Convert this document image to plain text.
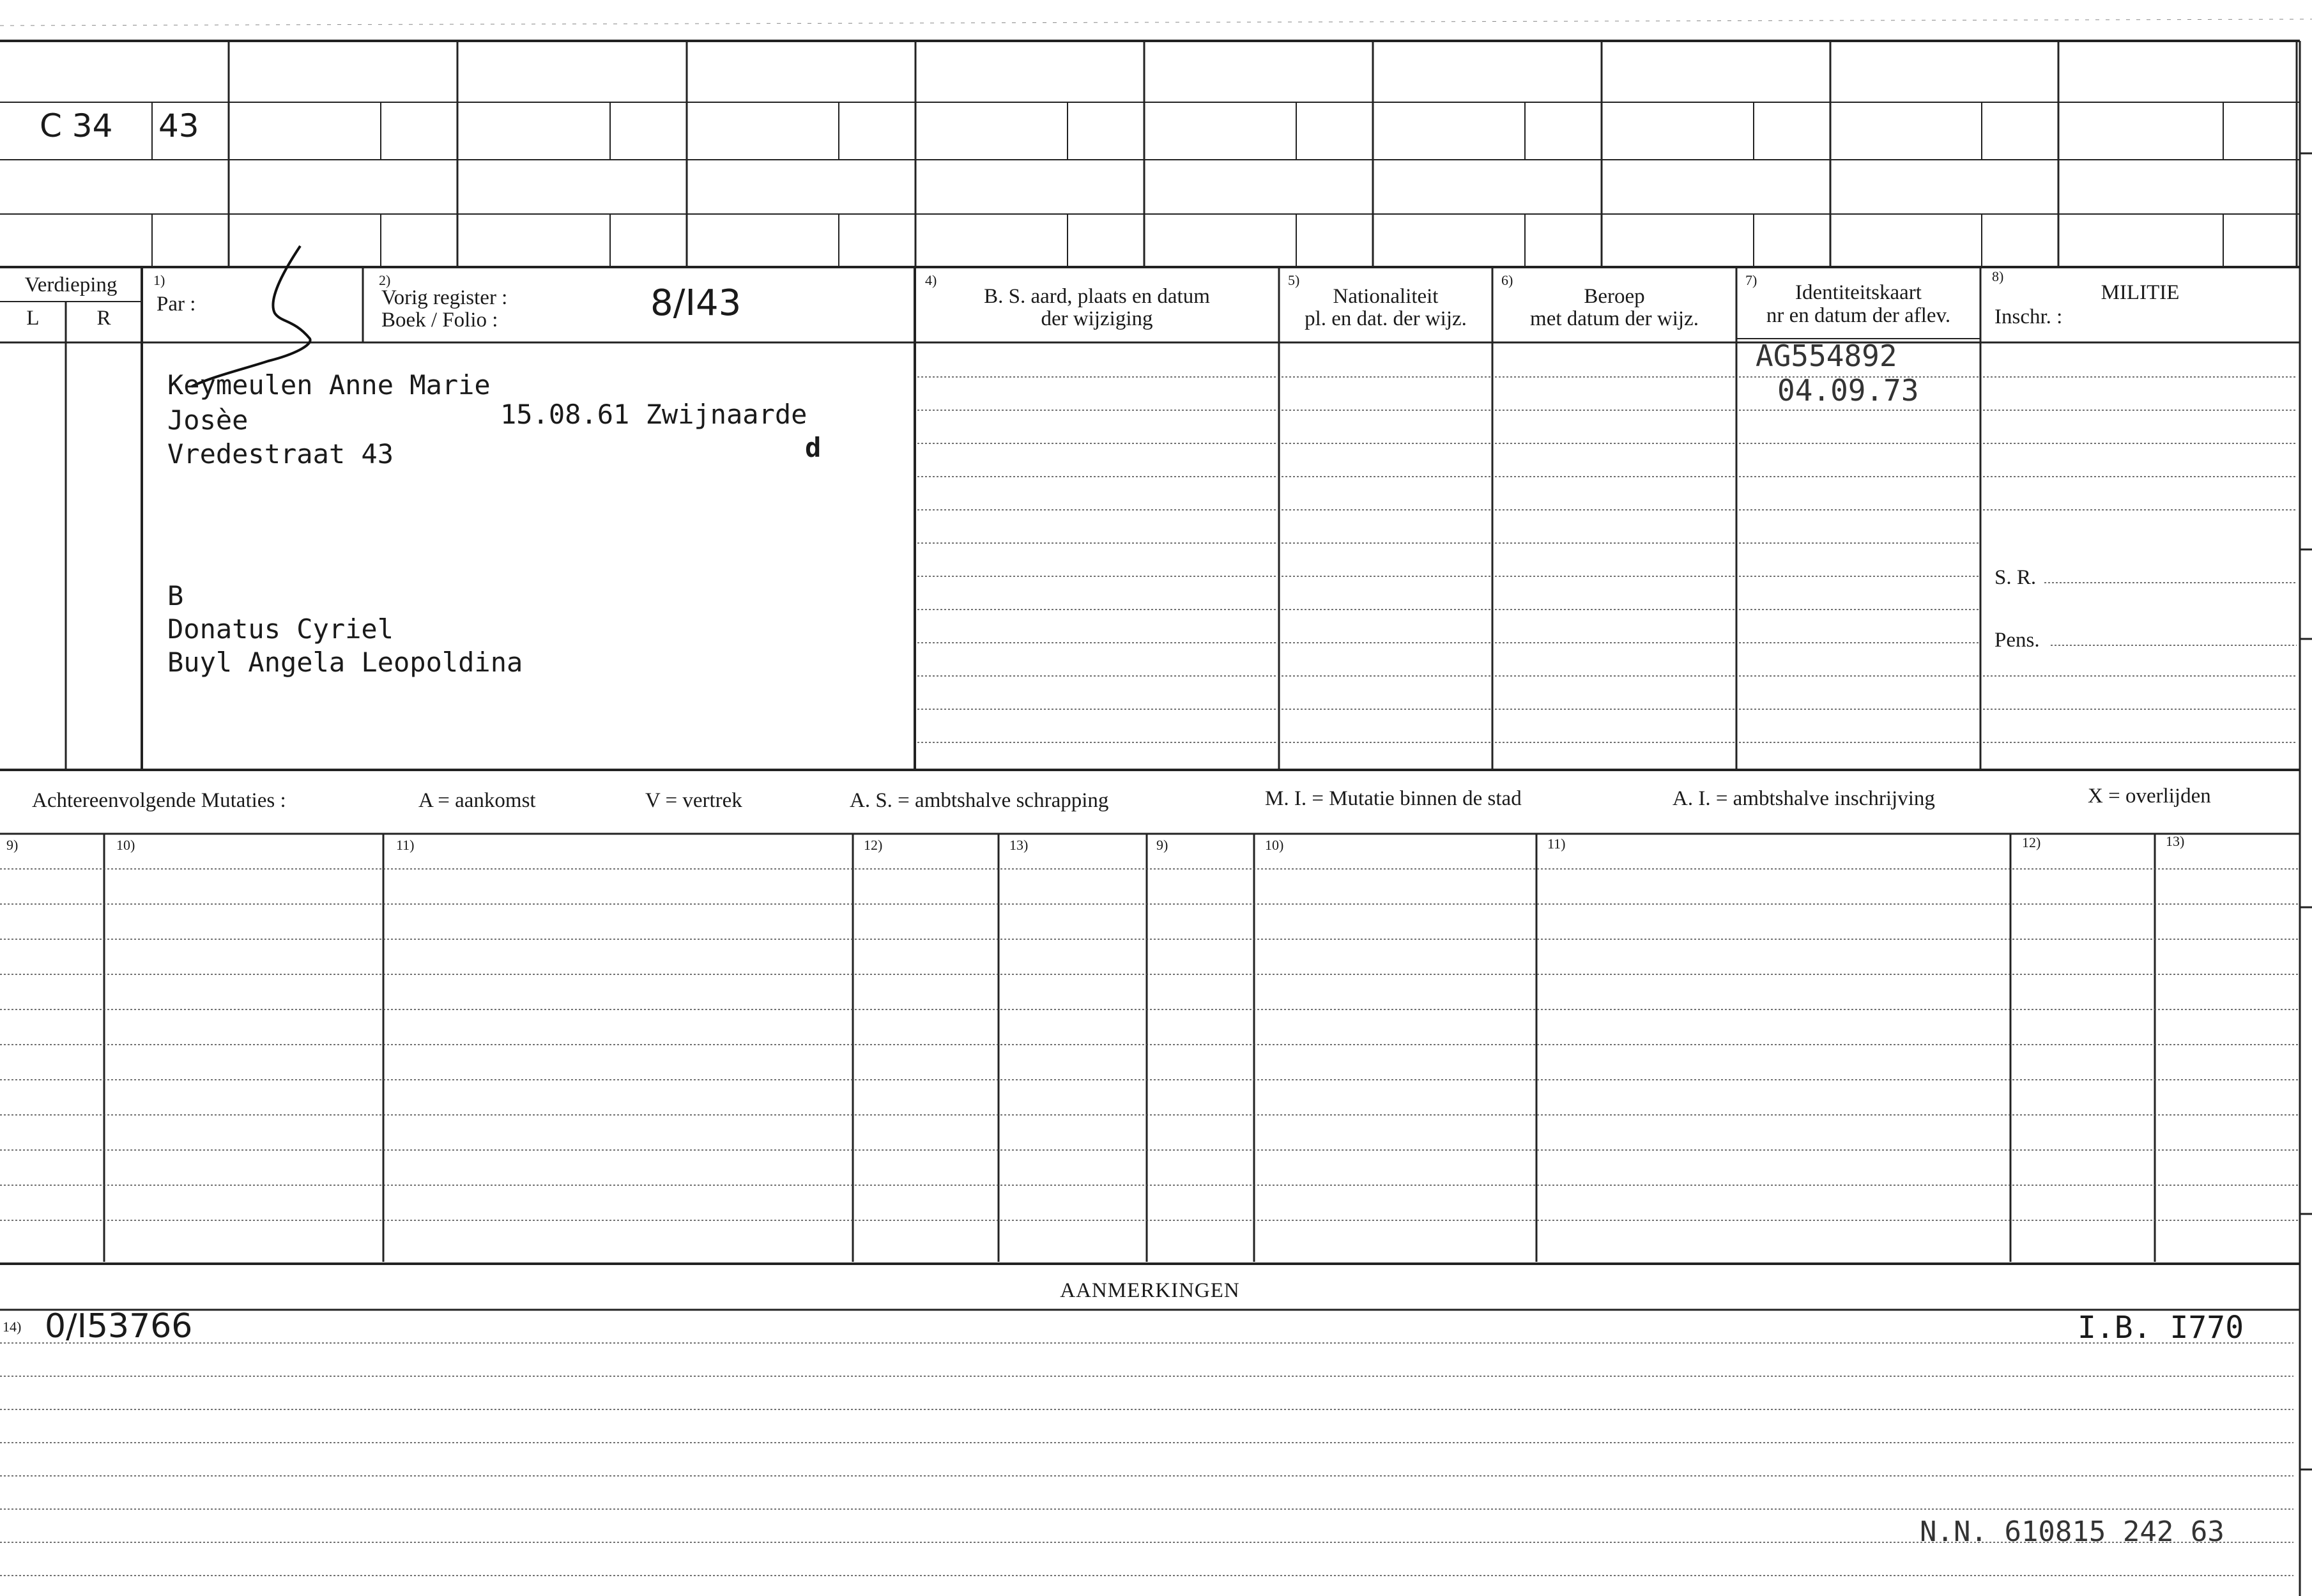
C 34 43
Verdieping
L	R
1)
Par :
2)
Vorig register :
Boek / Folio :	8/I43
4)
B. S. aard, plaats en datum
der wijziging
5)
Nationaliteit
pl. en dat. der wijz.
6)
Beroep
met datum der wijz.
7)
Identiteitskaart
nr en datum der aflev.
8)
MILITIE
Inschr. :
S. R.
Pens.
Keymeulen Anne Marie
Josèe	15.08.61 Zwijnaarde
Vredestraat 43	d
B
Donatus Cyriel
Buyl Angela Leopoldina
AG554892
04.09.73
Achtereenvolgende Mutaties :	A = aankomst	V = vertrek	A. S. = ambtshalve schrapping	M. I. = Mutatie binnen de stad	A. I. = ambtshalve inschrijving	X = overlijden
9)	10)	11)	12)	13)	9)	10)	11)	12)	13)
AANMERKINGEN
14) 0/I53766	I.B. I770
N.N. 610815 242 63
